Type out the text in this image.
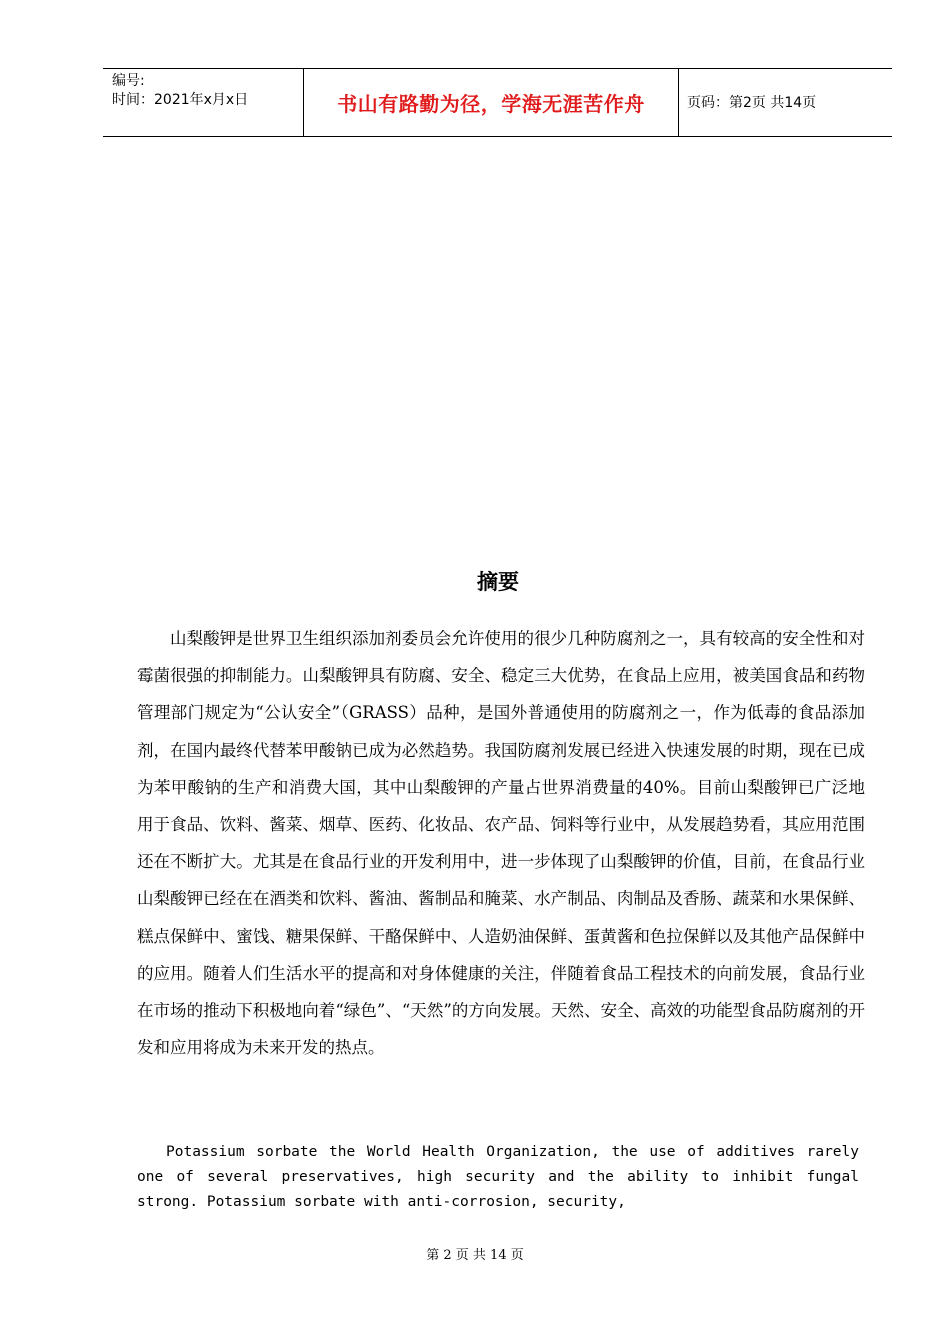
编号:
时间：2021年x月x日	书山有路勤为径，学海无涯苦作舟	页码：第2页 共14页
摘要

山梨酸钾是世界卫生组织添加剂委员会允许使用的很少几种防腐剂之一，具有较高的安全性和对霉菌很强的抑制能力。山梨酸钾具有防腐、安全、稳定三大优势，在食品上应用，被美国食品和药物管理部门规定为“公认安全”（GRASS）品种，是国外普通使用的防腐剂之一，作为低毒的食品添加剂，在国内最终代替苯甲酸钠已成为必然趋势。我国防腐剂发展已经进入快速发展的时期，现在已成为苯甲酸钠的生产和消费大国，其中山梨酸钾的产量占世界消费量的40%。目前山梨酸钾已广泛地用于食品、饮料、酱菜、烟草、医药、化妆品、农产品、饲料等行业中，从发展趋势看，其应用范围还在不断扩大。尤其是在食品行业的开发利用中，进一步体现了山梨酸钾的价值，目前，在食品行业山梨酸钾已经在在酒类和饮料、酱油、酱制品和腌菜、水产制品、肉制品及香肠、蔬菜和水果保鲜、糕点保鲜中、蜜饯、糖果保鲜、干酪保鲜中、人造奶油保鲜、蛋黄酱和色拉保鲜以及其他产品保鲜中的应用。随着人们生活水平的提高和对身体健康的关注，伴随着食品工程技术的向前发展，食品行业在市场的推动下积极地向着“绿色”、“天然”的方向发展。天然、安全、高效的功能型食品防腐剂的开发和应用将成为未来开发的热点。

Potassium sorbate the World Health Organization, the use of additives rarely one of several preservatives, high security and the ability to inhibit fungal strong. Potassium sorbate with anti-corrosion, security,

第 2 页 共 14 页
